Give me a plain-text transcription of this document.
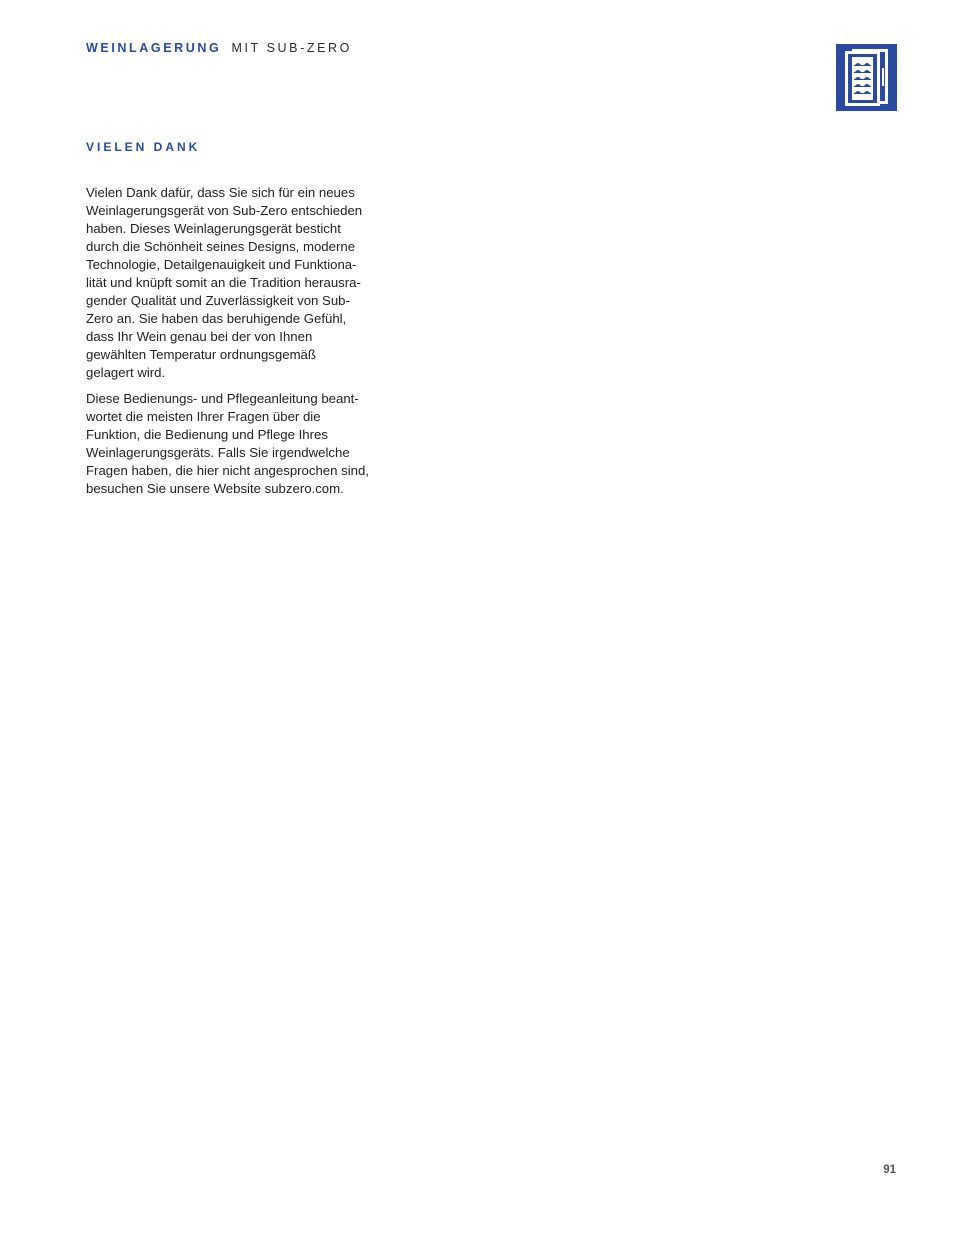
WEINLAGERUNG MIT SUB-ZERO
VIELEN DANK

Vielen Dank dafür, dass Sie sich für ein neues
Weinlagerungsgerät von Sub-Zero entschieden
haben. Dieses Weinlagerungsgerät besticht
durch die Schönheit seines Designs, moderne
Technologie, Detailgenauigkeit und Funktiona-
lität und knüpft somit an die Tradition herausra-
gender Qualität und Zuverlässigkeit von Sub-
Zero an. Sie haben das beruhigende Gefühl,
dass Ihr Wein genau bei der von Ihnen
gewählten Temperatur ordnungsgemäß
gelagert wird.

Diese Bedienungs- und Pflegeanleitung beant-
wortet die meisten Ihrer Fragen über die
Funktion, die Bedienung und Pflege Ihres
Weinlagerungsgeräts. Falls Sie irgendwelche
Fragen haben, die hier nicht angesprochen sind,
besuchen Sie unsere Website subzero.com.

91
